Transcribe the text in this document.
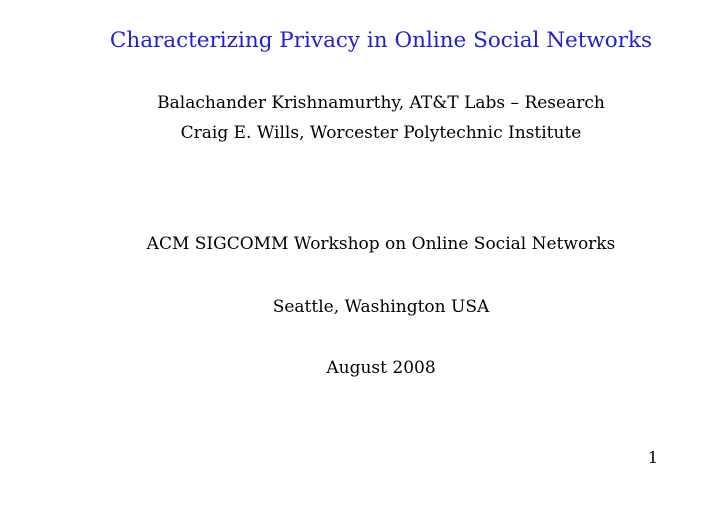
Characterizing Privacy in Online Social Networks
Balachander Krishnamurthy, AT&T Labs – Research
Craig E. Wills, Worcester Polytechnic Institute
ACM SIGCOMM Workshop on Online Social Networks
Seattle, Washington USA
August 2008
1
